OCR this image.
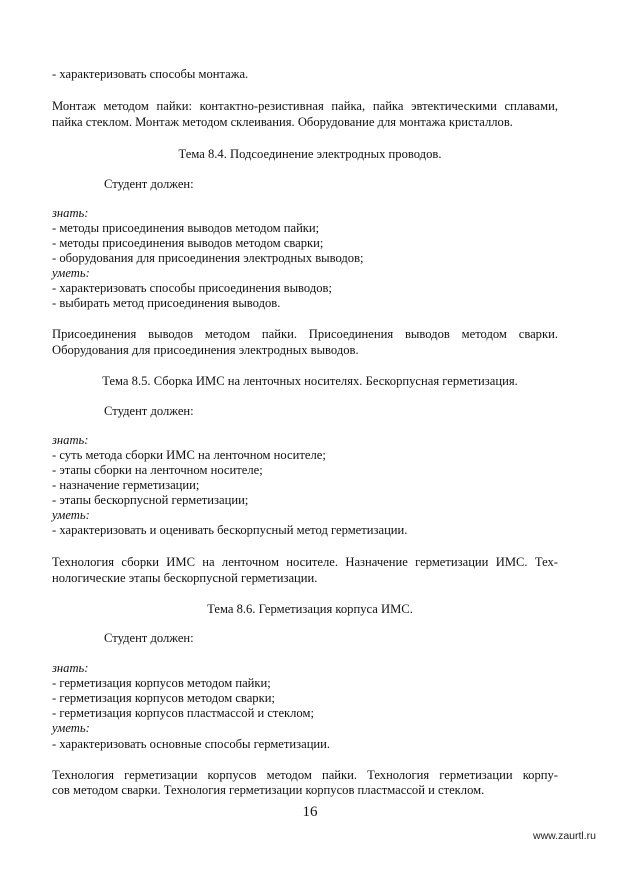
- характеризовать способы монтажа.
Монтаж методом пайки: контактно-резистивная пайка, пайка эвтектическими сплавами,
пайка стеклом. Монтаж методом склеивания. Оборудование для монтажа кристаллов.
Тема 8.4. Подсоединение электродных проводов.
Студент должен:
знать:
- методы присоединения выводов методом пайки;
- методы присоединения выводов методом сварки;
- оборудования для присоединения электродных выводов;
уметь:
- характеризовать способы присоединения выводов;
- выбирать метод присоединения выводов.
Присоединения выводов методом пайки. Присоединения выводов методом сварки.
Оборудования для присоединения электродных выводов.
Тема 8.5. Сборка ИМС на ленточных носителях. Бескорпусная герметизация.
Студент должен:
знать:
- суть метода сборки ИМС на ленточном носителе;
- этапы сборки на ленточном носителе;
- назначение герметизации;
- этапы бескорпусной герметизации;
уметь:
- характеризовать и оценивать бескорпусный метод герметизации.
Технология сборки ИМС на ленточном носителе. Назначение герметизации ИМС. Тех-
нологические этапы бескорпусной герметизации.
Тема 8.6. Герметизация корпуса ИМС.
Студент должен:
знать:
- герметизация корпусов методом пайки;
- герметизация корпусов методом сварки;
- герметизация корпусов пластмассой и стеклом;
уметь:
- характеризовать основные способы герметизации.
Технология герметизации корпусов методом пайки. Технология герметизации корпу-
сов методом сварки. Технология герметизации корпусов пластмассой и стеклом.
16
www.zaurtl.ru
